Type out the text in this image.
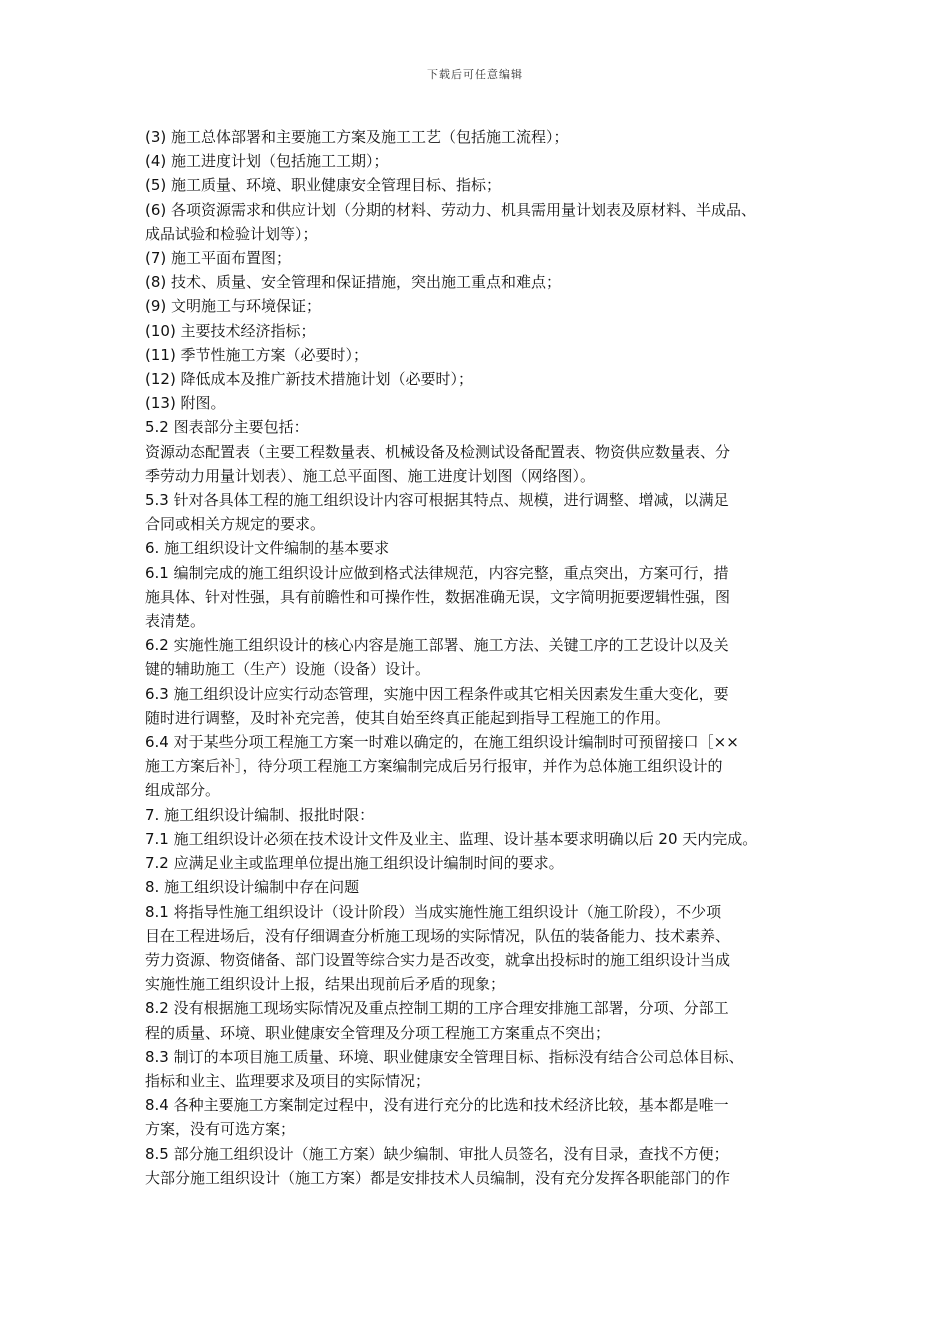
下载后可任意编辑
(3) 施工总体部署和主要施工方案及施工工艺（包括施工流程）；
(4) 施工进度计划（包括施工工期）；
(5) 施工质量、环境、职业健康安全管理目标、指标；
(6) 各项资源需求和供应计划（分期的材料、劳动力、机具需用量计划表及原材料、半成品、
成品试验和检验计划等）；
(7) 施工平面布置图；
(8) 技术、质量、安全管理和保证措施，突出施工重点和难点；
(9) 文明施工与环境保证；
(10) 主要技术经济指标；
(11) 季节性施工方案（必要时）；
(12) 降低成本及推广新技术措施计划（必要时）；
(13) 附图。
5.2 图表部分主要包括：
资源动态配置表（主要工程数量表、机械设备及检测试设备配置表、物资供应数量表、分
季劳动力用量计划表）、施工总平面图、施工进度计划图（网络图）。
5.3 针对各具体工程的施工组织设计内容可根据其特点、规模，进行调整、增减，以满足
合同或相关方规定的要求。
6. 施工组织设计文件编制的基本要求
6.1 编制完成的施工组织设计应做到格式法律规范，内容完整，重点突出，方案可行，措
施具体、针对性强，具有前瞻性和可操作性，数据准确无误，文字简明扼要逻辑性强，图
表清楚。
6.2 实施性施工组织设计的核心内容是施工部署、施工方法、关键工序的工艺设计以及关
键的辅助施工（生产）设施（设备）设计。
6.3 施工组织设计应实行动态管理，实施中因工程条件或其它相关因素发生重大变化，要
随时进行调整，及时补充完善，使其自始至终真正能起到指导工程施工的作用。
6.4 对于某些分项工程施工方案一时难以确定的，在施工组织设计编制时可预留接口［××
施工方案后补］，待分项工程施工方案编制完成后另行报审，并作为总体施工组织设计的
组成部分。
7. 施工组织设计编制、报批时限：
7.1 施工组织设计必须在技术设计文件及业主、监理、设计基本要求明确以后 20 天内完成。
7.2 应满足业主或监理单位提出施工组织设计编制时间的要求。
8. 施工组织设计编制中存在问题
8.1 将指导性施工组织设计（设计阶段）当成实施性施工组织设计（施工阶段），不少项
目在工程进场后，没有仔细调查分析施工现场的实际情况，队伍的装备能力、技术素养、
劳力资源、物资储备、部门设置等综合实力是否改变，就拿出投标时的施工组织设计当成
实施性施工组织设计上报，结果出现前后矛盾的现象；
8.2 没有根据施工现场实际情况及重点控制工期的工序合理安排施工部署，分项、分部工
程的质量、环境、职业健康安全管理及分项工程施工方案重点不突出；
8.3 制订的本项目施工质量、环境、职业健康安全管理目标、指标没有结合公司总体目标、
指标和业主、监理要求及项目的实际情况；
8.4 各种主要施工方案制定过程中，没有进行充分的比选和技术经济比较，基本都是唯一
方案，没有可选方案；
8.5 部分施工组织设计（施工方案）缺少编制、审批人员签名，没有目录，查找不方便；
大部分施工组织设计（施工方案）都是安排技术人员编制，没有充分发挥各职能部门的作
